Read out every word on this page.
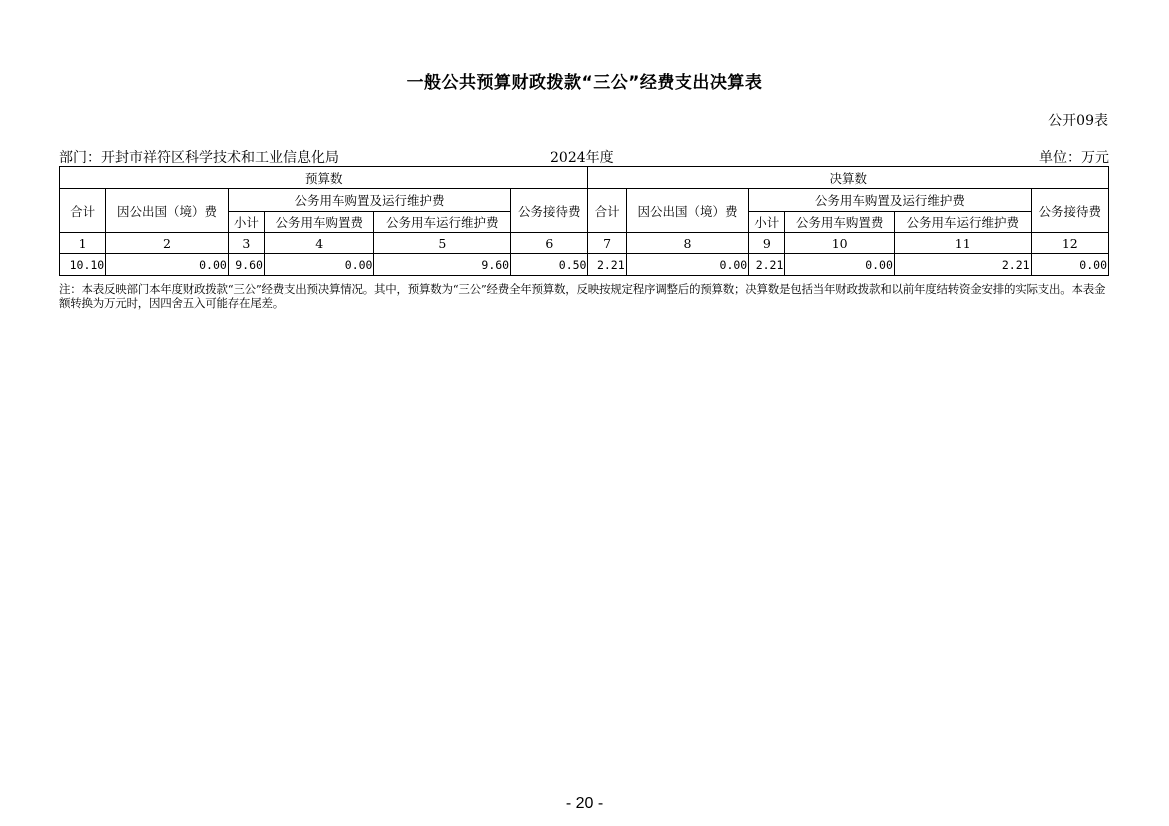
一般公共预算财政拨款“三公”经费支出决算表
公开09表
部门：开封市祥符区科学技术和工业信息化局	2024年度	单位：万元
预算数						决算数					
合计	因公出国（境）费	公务用车购置及运行维护费			公务接待费	合计	因公出国（境）费	公务用车购置及运行维护费			公务接待费
		小计	公务用车购置费	公务用车运行维护费				小计	公务用车购置费	公务用车运行维护费	
1	2	3	4	5	6	7	8	9	10	11	12
10.10	0.00	9.60	0.00	9.60	0.50	2.21	0.00	2.21	0.00	2.21	0.00
注：本表反映部门本年度财政拨款“三公”经费支出预决算情况。其中，预算数为“三公”经费全年预算数，反映按规定程序调整后的预算数；决算数是包括当年财政拨款和以前年度结转资金安排的实际支出。本表金额转换为万元时，因四舍五入可能存在尾差。
- 20 -
